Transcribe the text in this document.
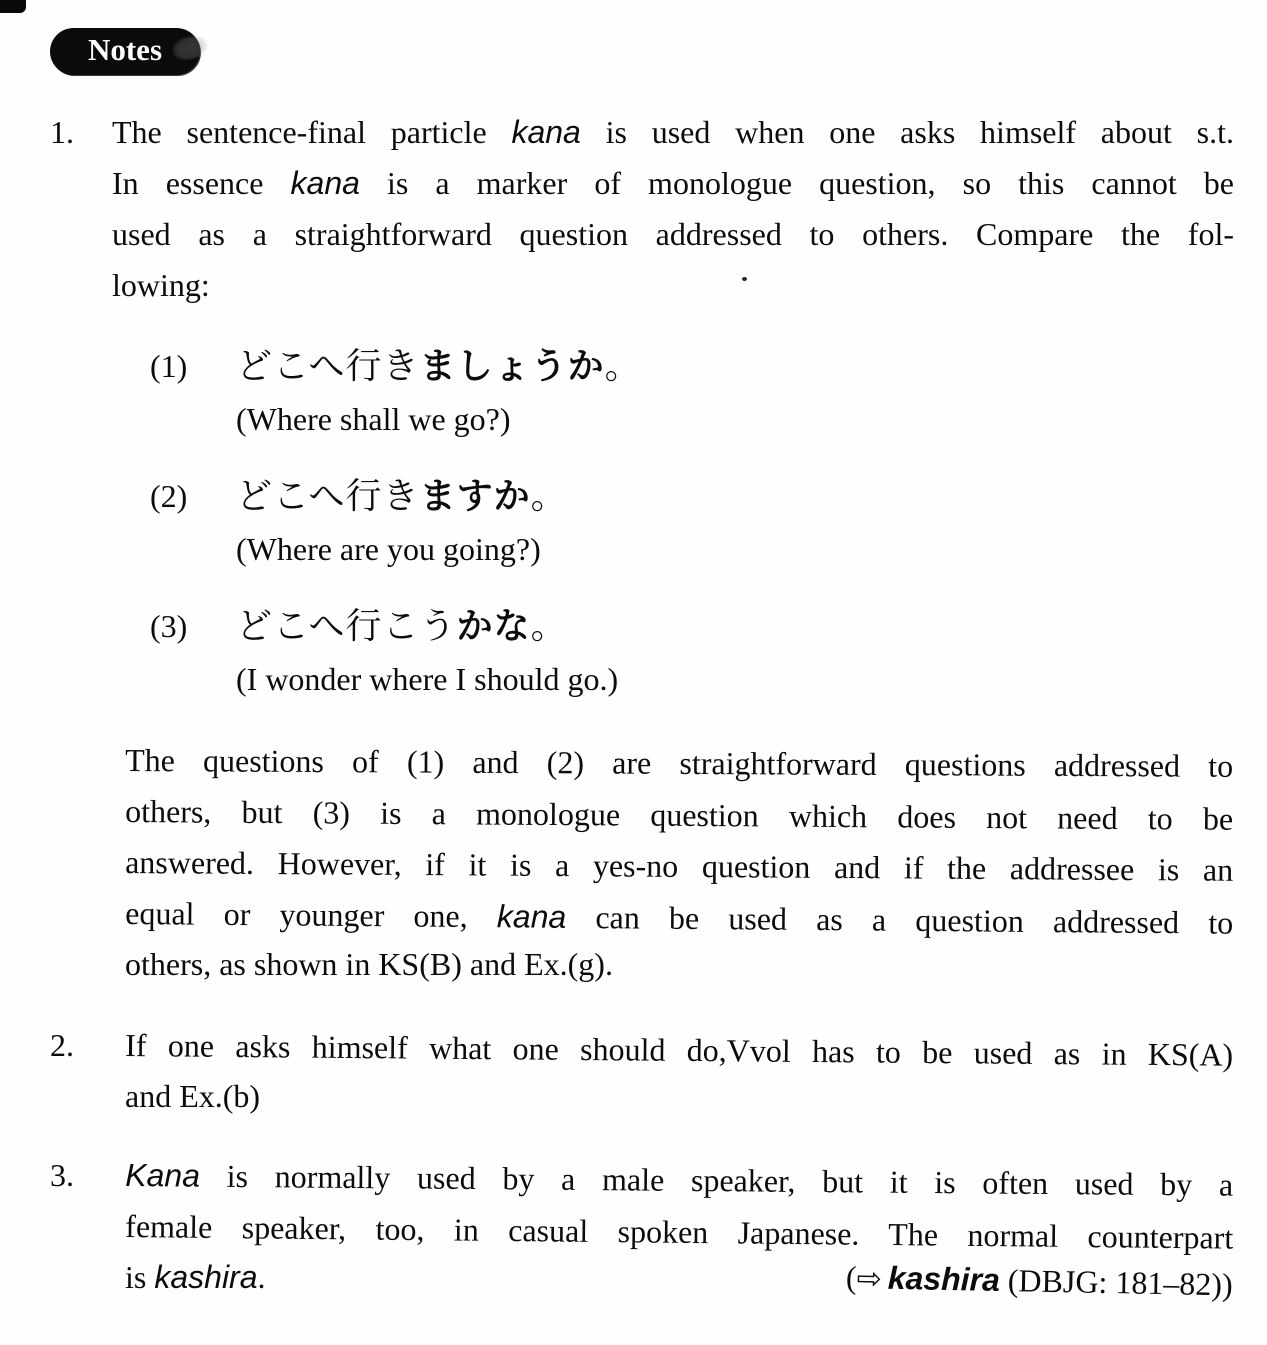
Notes
1.	The sentence-final particle kana is used when one asks himself about s.t.
In essence kana is a marker of monologue question, so this cannot be
used as a straightforward question addressed to others. Compare the fol-
lowing:
(1)	どこへ行きましょうか。
(Where shall we go?)
(2)	どこへ行きますか。
(Where are you going?)
(3)	どこへ行こうかな。
(I wonder where I should go.)
The questions of (1) and (2) are straightforward questions addressed to
others, but (3) is a monologue question which does not need to be
answered. However, if it is a yes-no question and if the addressee is an
equal or younger one, kana can be used as a question addressed to
others, as shown in KS(B) and Ex.(g).
2.	If one asks himself what one should do,Vvol has to be used as in KS(A)
and Ex.(b)
3.	Kana is normally used by a male speaker, but it is often used by a
female speaker, too, in casual spoken Japanese. The normal counterpart
is kashira.	(⇨ kashira (DBJG: 181–82))
